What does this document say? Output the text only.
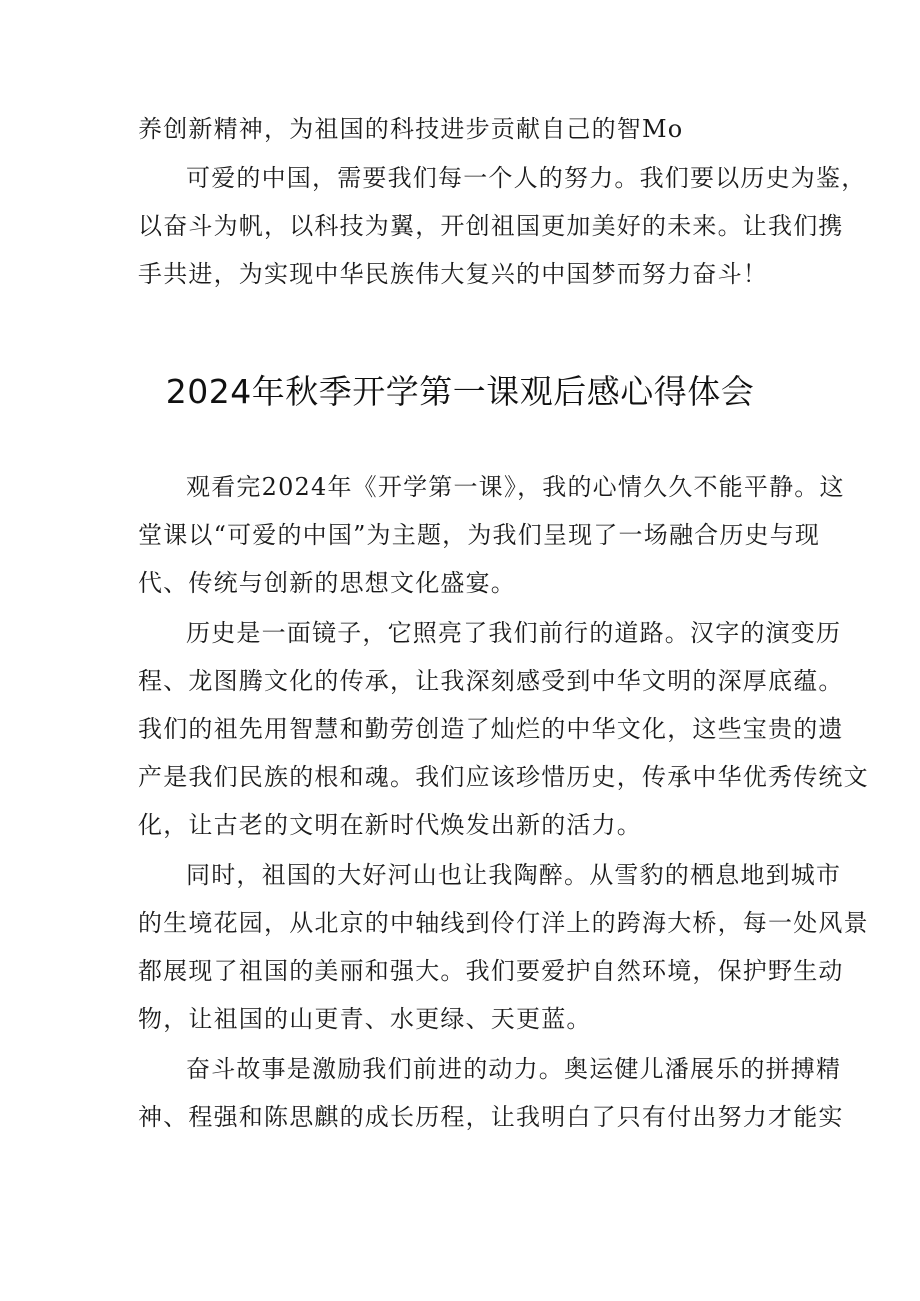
养创新精神，为祖国的科技进步贡献自己的智Mo
可爱的中国，需要我们每一个人的努力。我们要以历史为鉴，
以奋斗为帆，以科技为翼，开创祖国更加美好的未来。让我们携
手共进，为实现中华民族伟大复兴的中国梦而努力奋斗！
2024年秋季开学第一课观后感心得体会
观看完2024年《开学第一课》，我的心情久久不能平静。这
堂课以“可爱的中国”为主题，为我们呈现了一场融合历史与现
代、传统与创新的思想文化盛宴。
历史是一面镜子，它照亮了我们前行的道路。汉字的演变历
程、龙图腾文化的传承，让我深刻感受到中华文明的深厚底蕴。
我们的祖先用智慧和勤劳创造了灿烂的中华文化，这些宝贵的遗
产是我们民族的根和魂。我们应该珍惜历史，传承中华优秀传统文
化，让古老的文明在新时代焕发出新的活力。
同时，祖国的大好河山也让我陶醉。从雪豹的栖息地到城市
的生境花园，从北京的中轴线到伶仃洋上的跨海大桥，每一处风景
都展现了祖国的美丽和强大。我们要爱护自然环境，保护野生动
物，让祖国的山更青、水更绿、天更蓝。
奋斗故事是激励我们前进的动力。奥运健儿潘展乐的拼搏精
神、程强和陈思麒的成长历程，让我明白了只有付出努力才能实
